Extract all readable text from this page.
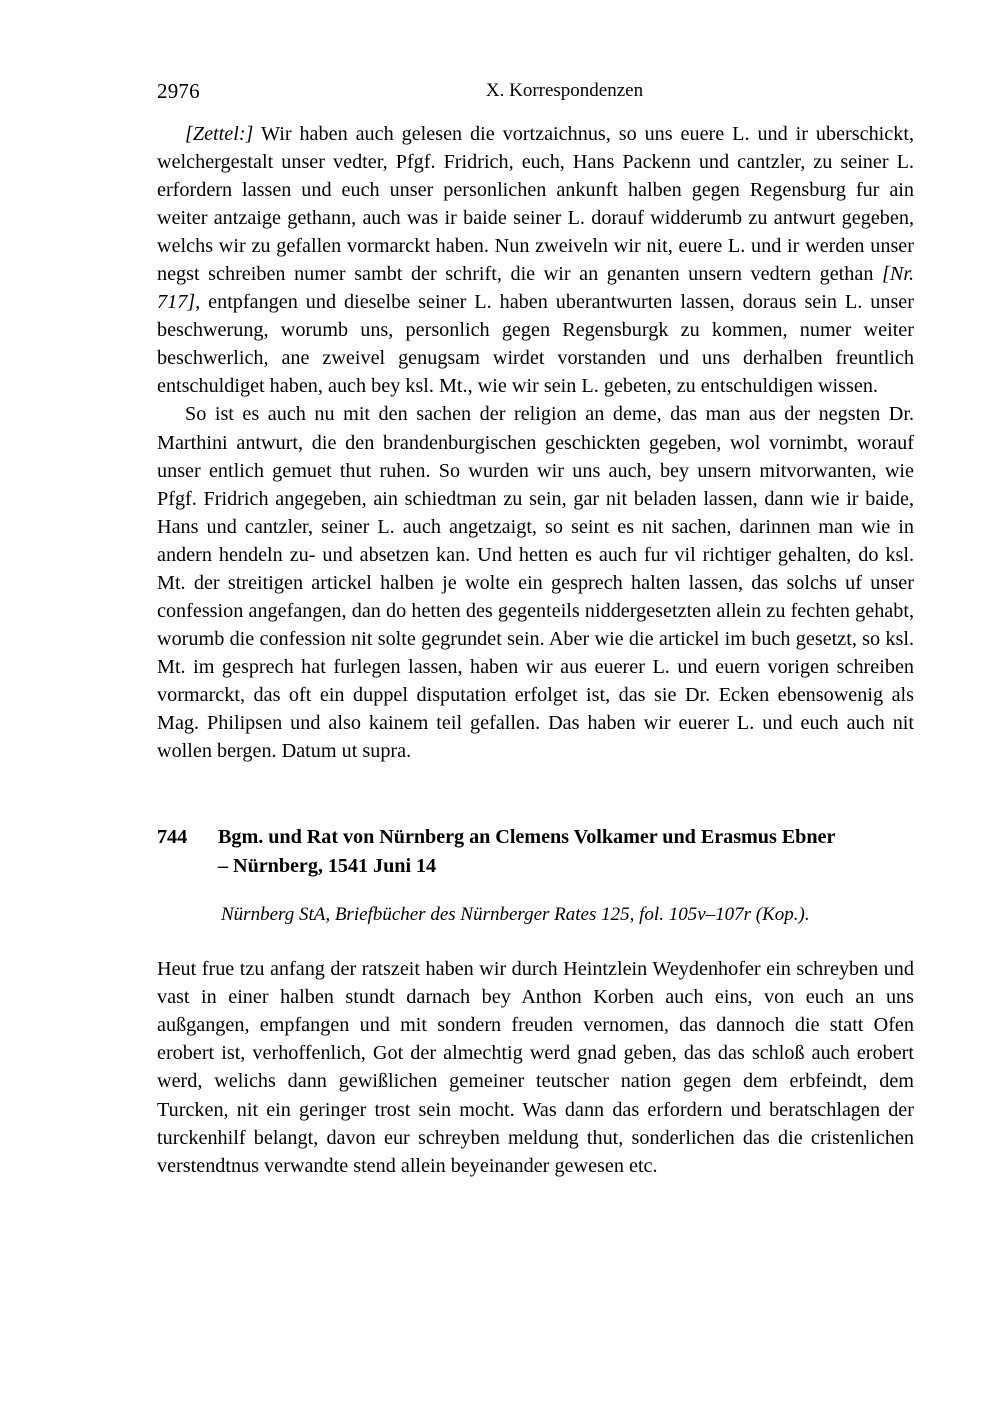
2976	X. Korrespondenzen

[Zettel:] Wir haben auch gelesen die vortzaichnus, so uns euere L. und ir uberschickt, welchergestalt unser vedter, Pfgf. Fridrich, euch, Hans Packenn und cantzler, zu seiner L. erfordern lassen und euch unser personlichen ankunft halben gegen Regensburg fur ain weiter antzaige gethann, auch was ir baide seiner L. dorauf widderumb zu antwurt gegeben, welchs wir zu gefallen vormarckt haben. Nun zweiveln wir nit, euere L. und ir werden unser negst schreiben numer sambt der schrift, die wir an genanten unsern vedtern gethan [Nr. 717], entpfangen und dieselbe seiner L. haben uberantwurten lassen, doraus sein L. unser beschwerung, worumb uns, personlich gegen Regensburgk zu kommen, numer weiter beschwerlich, ane zweivel genugsam wirdet vorstanden und uns derhalben freuntlich entschuldiget haben, auch bey ksl. Mt., wie wir sein L. gebeten, zu entschuldigen wissen.

So ist es auch nu mit den sachen der religion an deme, das man aus der negsten Dr. Marthini antwurt, die den brandenburgischen geschickten gegeben, wol vornimbt, worauf unser entlich gemuet thut ruhen. So wurden wir uns auch, bey unsern mitvorwanten, wie Pfgf. Fridrich angegeben, ain schiedtman zu sein, gar nit beladen lassen, dann wie ir baide, Hans und cantzler, seiner L. auch angetzaigt, so seint es nit sachen, darinnen man wie in andern hendeln zu- und absetzen kan. Und hetten es auch fur vil richtiger gehalten, do ksl. Mt. der streitigen artickel halben je wolte ein gesprech halten lassen, das solchs uf unser confession angefangen, dan do hetten des gegenteils niddergesetzten allein zu fechten gehabt, worumb die confession nit solte gegrundet sein. Aber wie die artickel im buch gesetzt, so ksl. Mt. im gesprech hat furlegen lassen, haben wir aus euerer L. und euern vorigen schreiben vormarckt, das oft ein duppel disputation erfolget ist, das sie Dr. Ecken ebensowenig als Mag. Philipsen und also kainem teil gefallen. Das haben wir euerer L. und euch auch nit wollen bergen. Datum ut supra.

744 Bgm. und Rat von Nürnberg an Clemens Volkamer und Erasmus Ebner
– Nürnberg, 1541 Juni 14

Nürnberg StA, Briefbücher des Nürnberger Rates 125, fol. 105v–107r (Kop.).

Heut frue tzu anfang der ratszeit haben wir durch Heintzlein Weydenhofer ein schreyben und vast in einer halben stundt darnach bey Anthon Korben auch eins, von euch an uns außgangen, empfangen und mit sondern freuden vernomen, das dannoch die statt Ofen erobert ist, verhoffenlich, Got der almechtig werd gnad geben, das das schloß auch erobert werd, welichs dann gewißlichen gemeiner teutscher nation gegen dem erbfeindt, dem Turcken, nit ein geringer trost sein mocht. Was dann das erfordern und beratschlagen der turckenhilf belangt, davon eur schreyben meldung thut, sonderlichen das die cristenlichen verstendtnus verwandte stend allein beyeinander gewesen etc.
